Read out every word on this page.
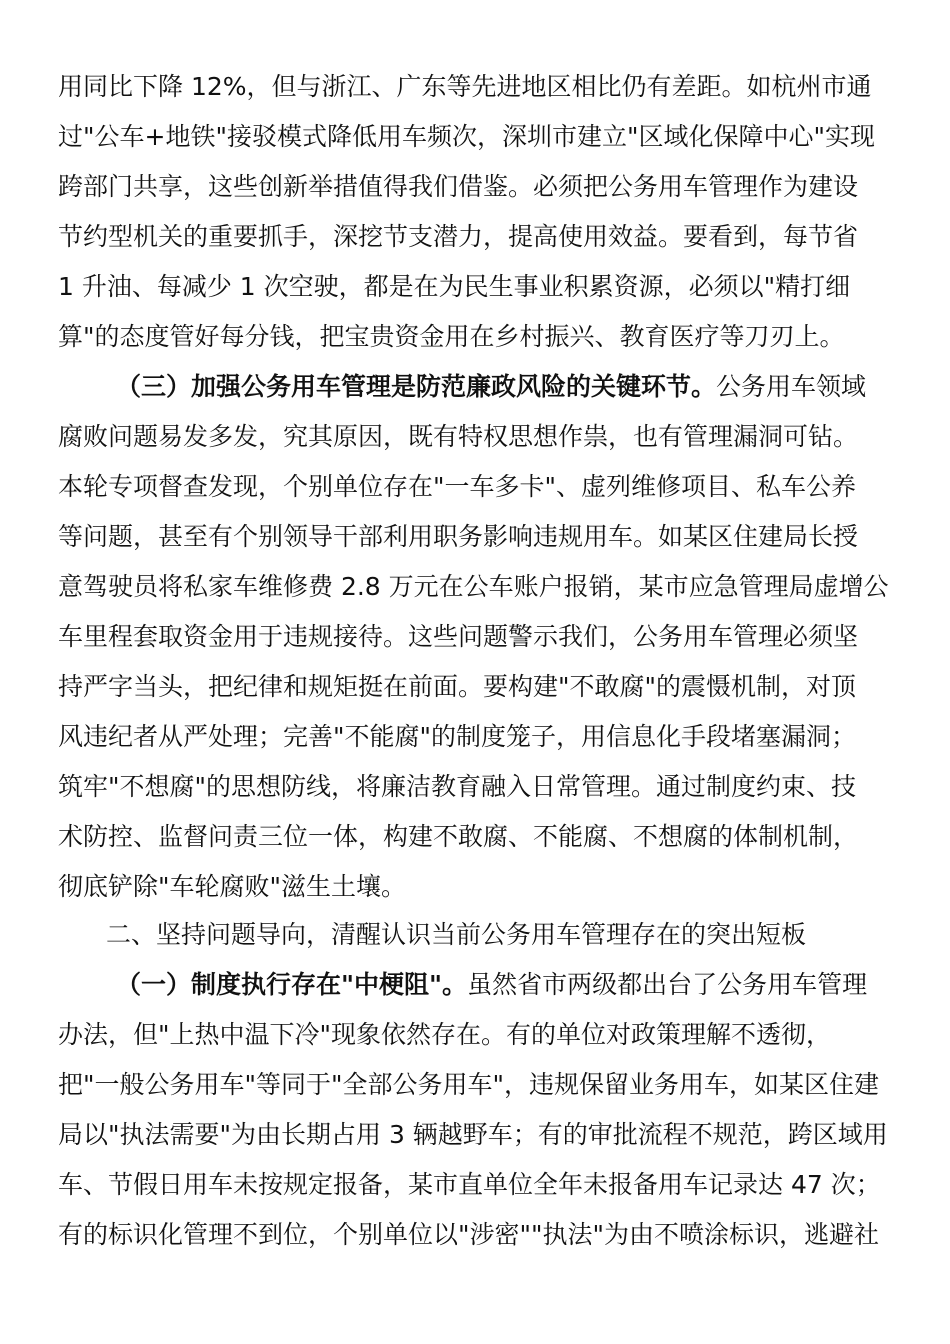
用同比下降 12%，但与浙江、广东等先进地区相比仍有差距。如杭州市通

过"公车+地铁"接驳模式降低用车频次，深圳市建立"区域化保障中心"实现

跨部门共享，这些创新举措值得我们借鉴。必须把公务用车管理作为建设

节约型机关的重要抓手，深挖节支潜力，提高使用效益。要看到，每节省

1 升油、每减少 1 次空驶，都是在为民生事业积累资源，必须以"精打细

算"的态度管好每分钱，把宝贵资金用在乡村振兴、教育医疗等刀刃上。

（三）加强公务用车管理是防范廉政风险的关键环节。公务用车领域

腐败问题易发多发，究其原因，既有特权思想作祟，也有管理漏洞可钻。

本轮专项督查发现，个别单位存在"一车多卡"、虚列维修项目、私车公养

等问题，甚至有个别领导干部利用职务影响违规用车。如某区住建局长授

意驾驶员将私家车维修费 2.8 万元在公车账户报销，某市应急管理局虚增公

车里程套取资金用于违规接待。这些问题警示我们，公务用车管理必须坚

持严字当头，把纪律和规矩挺在前面。要构建"不敢腐"的震慑机制，对顶

风违纪者从严处理；完善"不能腐"的制度笼子，用信息化手段堵塞漏洞；

筑牢"不想腐"的思想防线，将廉洁教育融入日常管理。通过制度约束、技

术防控、监督问责三位一体，构建不敢腐、不能腐、不想腐的体制机制，

彻底铲除"车轮腐败"滋生土壤。

二、坚持问题导向，清醒认识当前公务用车管理存在的突出短板

（一）制度执行存在"中梗阻"。虽然省市两级都出台了公务用车管理

办法，但"上热中温下冷"现象依然存在。有的单位对政策理解不透彻，

把"一般公务用车"等同于"全部公务用车"，违规保留业务用车，如某区住建

局以"执法需要"为由长期占用 3 辆越野车；有的审批流程不规范，跨区域用

车、节假日用车未按规定报备，某市直单位全年未报备用车记录达 47 次；

有的标识化管理不到位，个别单位以"涉密""执法"为由不喷涂标识，逃避社
